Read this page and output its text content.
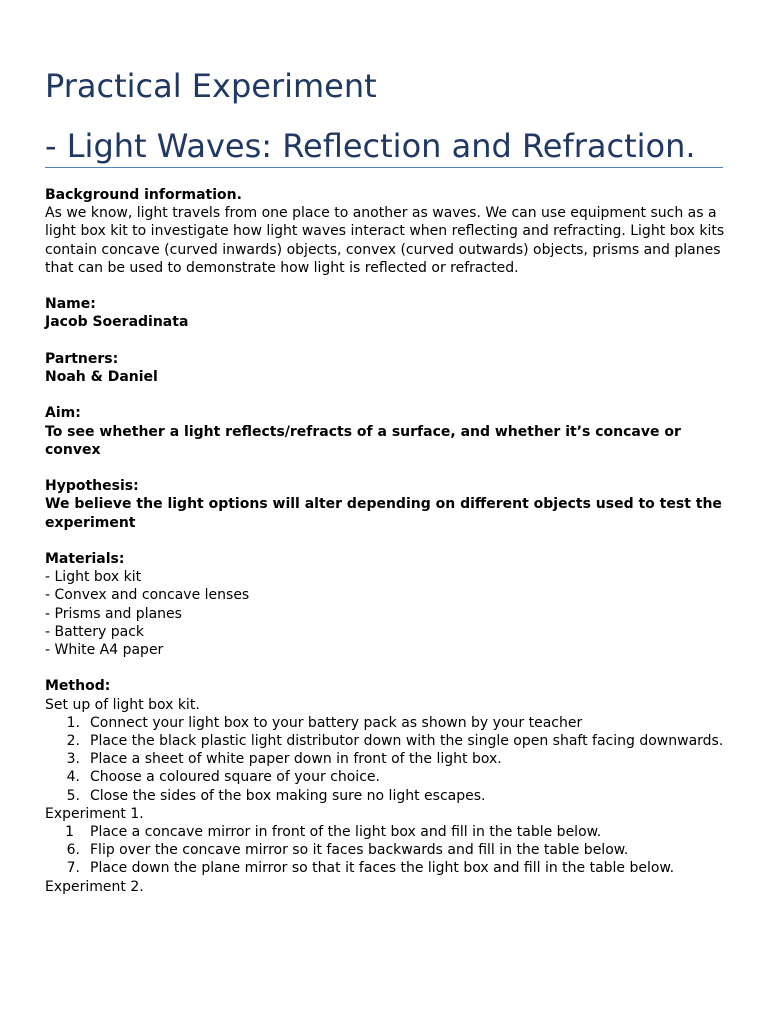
Practical Experiment
- Light Waves: Reflection and Refraction.
Background information.
As we know, light travels from one place to another as waves. We can use equipment such as a light box kit to investigate how light waves interact when reflecting and refracting. Light box kits contain concave (curved inwards) objects, convex (curved outwards) objects, prisms and planes that can be used to demonstrate how light is reflected or refracted.
Name:
Jacob Soeradinata
Partners:
Noah & Daniel
Aim:
To see whether a light reflects/refracts of a surface, and whether it’s concave or convex
Hypothesis:
We believe the light options will alter depending on different objects used to test the experiment
Materials:
- Light box kit
- Convex and concave lenses
- Prisms and planes
- Battery pack
- White A4 paper
Method:
Set up of light box kit.
1. Connect your light box to your battery pack as shown by your teacher
2. Place the black plastic light distributor down with the single open shaft facing downwards.
3. Place a sheet of white paper down in front of the light box.
4. Choose a coloured square of your choice.
5. Close the sides of the box making sure no light escapes.
Experiment 1.
1 Place a concave mirror in front of the light box and fill in the table below.
6. Flip over the concave mirror so it faces backwards and fill in the table below.
7. Place down the plane mirror so that it faces the light box and fill in the table below.
Experiment 2.
